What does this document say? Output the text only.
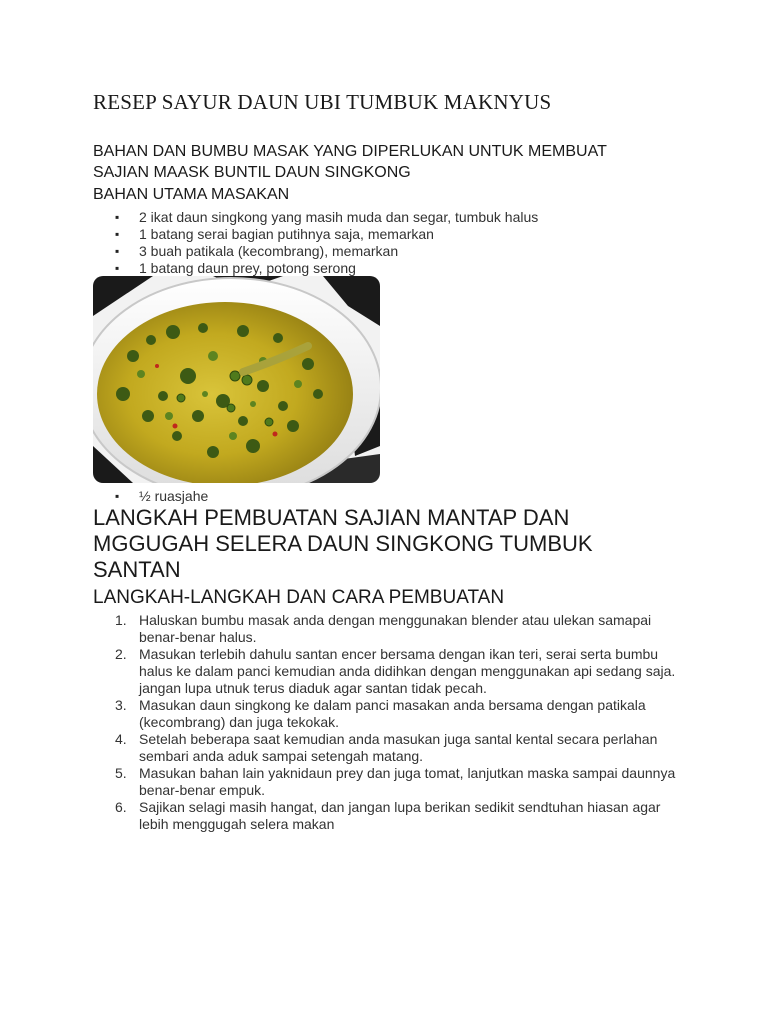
RESEP SAYUR DAUN UBI TUMBUK MAKNYUS
BAHAN DAN BUMBU MASAK YANG DIPERLUKAN UNTUK MEMBUAT SAJIAN MAASK BUNTIL DAUN SINGKONG
BAHAN UTAMA MASAKAN
▪ 2 ikat daun singkong yang masih muda dan segar, tumbuk halus
▪ 1 batang serai bagian putihnya saja, memarkan
▪ 3 buah patikala (kecombrang), memarkan
▪ 1 batang daun prey, potong serong
▪ ½ ruasjahe
LANGKAH PEMBUATAN SAJIAN MANTAP DAN MGGUGAH SELERA DAUN SINGKONG TUMBUK SANTAN
LANGKAH-LANGKAH DAN CARA PEMBUATAN
1. Haluskan bumbu masak anda dengan menggunakan blender atau ulekan samapai benar-benar halus.
2. Masukan terlebih dahulu santan encer bersama dengan ikan teri, serai serta bumbu halus ke dalam panci kemudian anda didihkan dengan menggunakan api sedang saja. jangan lupa utnuk terus diaduk agar santan tidak pecah.
3. Masukan daun singkong ke dalam panci masakan anda bersama dengan patikala (kecombrang) dan juga tekokak.
4. Setelah beberapa saat kemudian anda masukan juga santal kental secara perlahan sembari anda aduk sampai setengah matang.
5. Masukan bahan lain yaknidaun prey dan juga tomat, lanjutkan maska sampai daunnya benar-benar empuk.
6. Sajikan selagi masih hangat, dan jangan lupa berikan sedikit sendtuhan hiasan agar lebih menggugah selera makan
